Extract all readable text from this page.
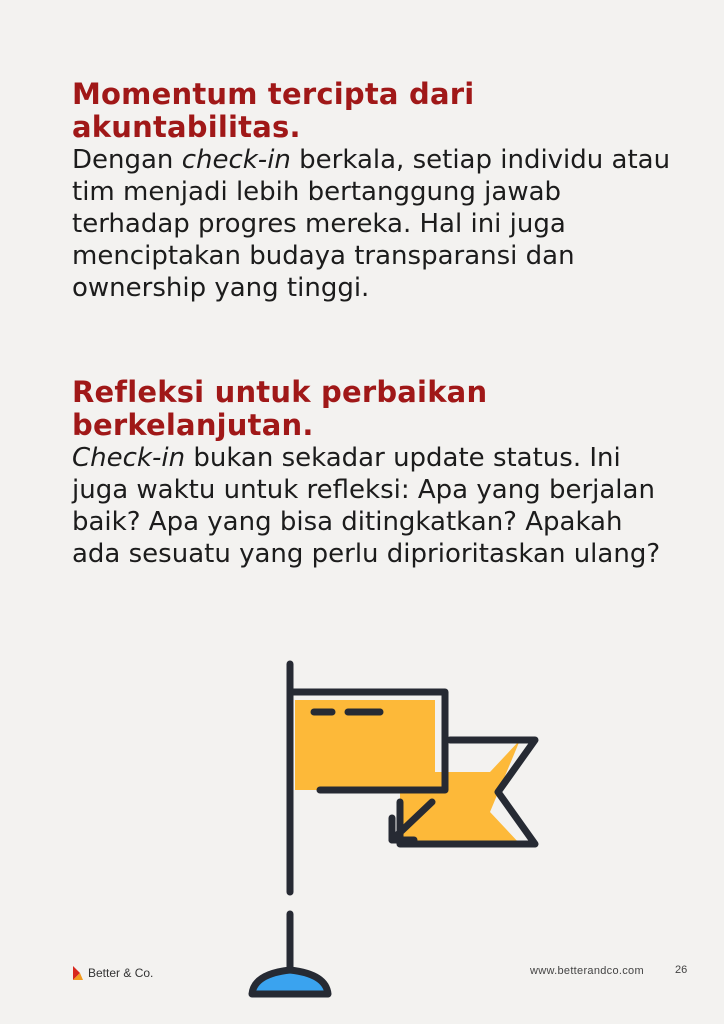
Momentum tercipta dari akuntabilitas.

Dengan check-in berkala, setiap individu atau tim menjadi lebih bertanggung jawab terhadap progres mereka. Hal ini juga menciptakan budaya transparansi dan ownership yang tinggi.

Refleksi untuk perbaikan berkelanjutan.

Check-in bukan sekadar update status. Ini juga waktu untuk refleksi: Apa yang berjalan baik? Apa yang bisa ditingkatkan? Apakah ada sesuatu yang perlu diprioritaskan ulang?

Better & Co.	www.betterandco.com	26
